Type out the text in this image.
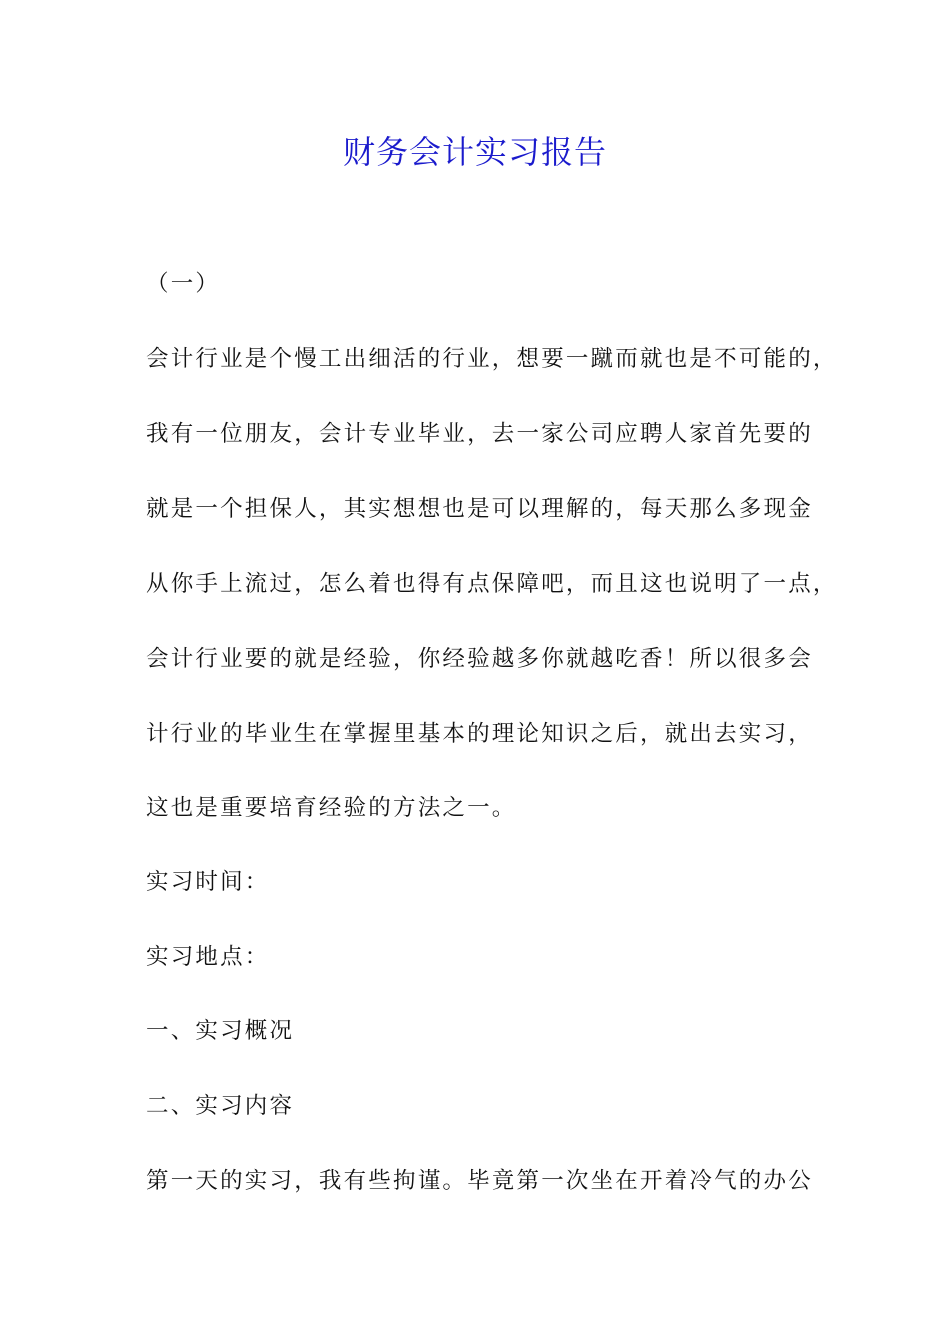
财务会计实习报告
（一）
会计行业是个慢工出细活的行业，想要一蹴而就也是不可能的，
我有一位朋友，会计专业毕业，去一家公司应聘人家首先要的
就是一个担保人，其实想想也是可以理解的，每天那么多现金
从你手上流过，怎么着也得有点保障吧，而且这也说明了一点，
会计行业要的就是经验，你经验越多你就越吃香！所以很多会
计行业的毕业生在掌握里基本的理论知识之后，就出去实习，
这也是重要培育经验的方法之一。
实习时间：
实习地点：
一、实习概况
二、实习内容
第一天的实习，我有些拘谨。毕竟第一次坐在开着冷气的办公
